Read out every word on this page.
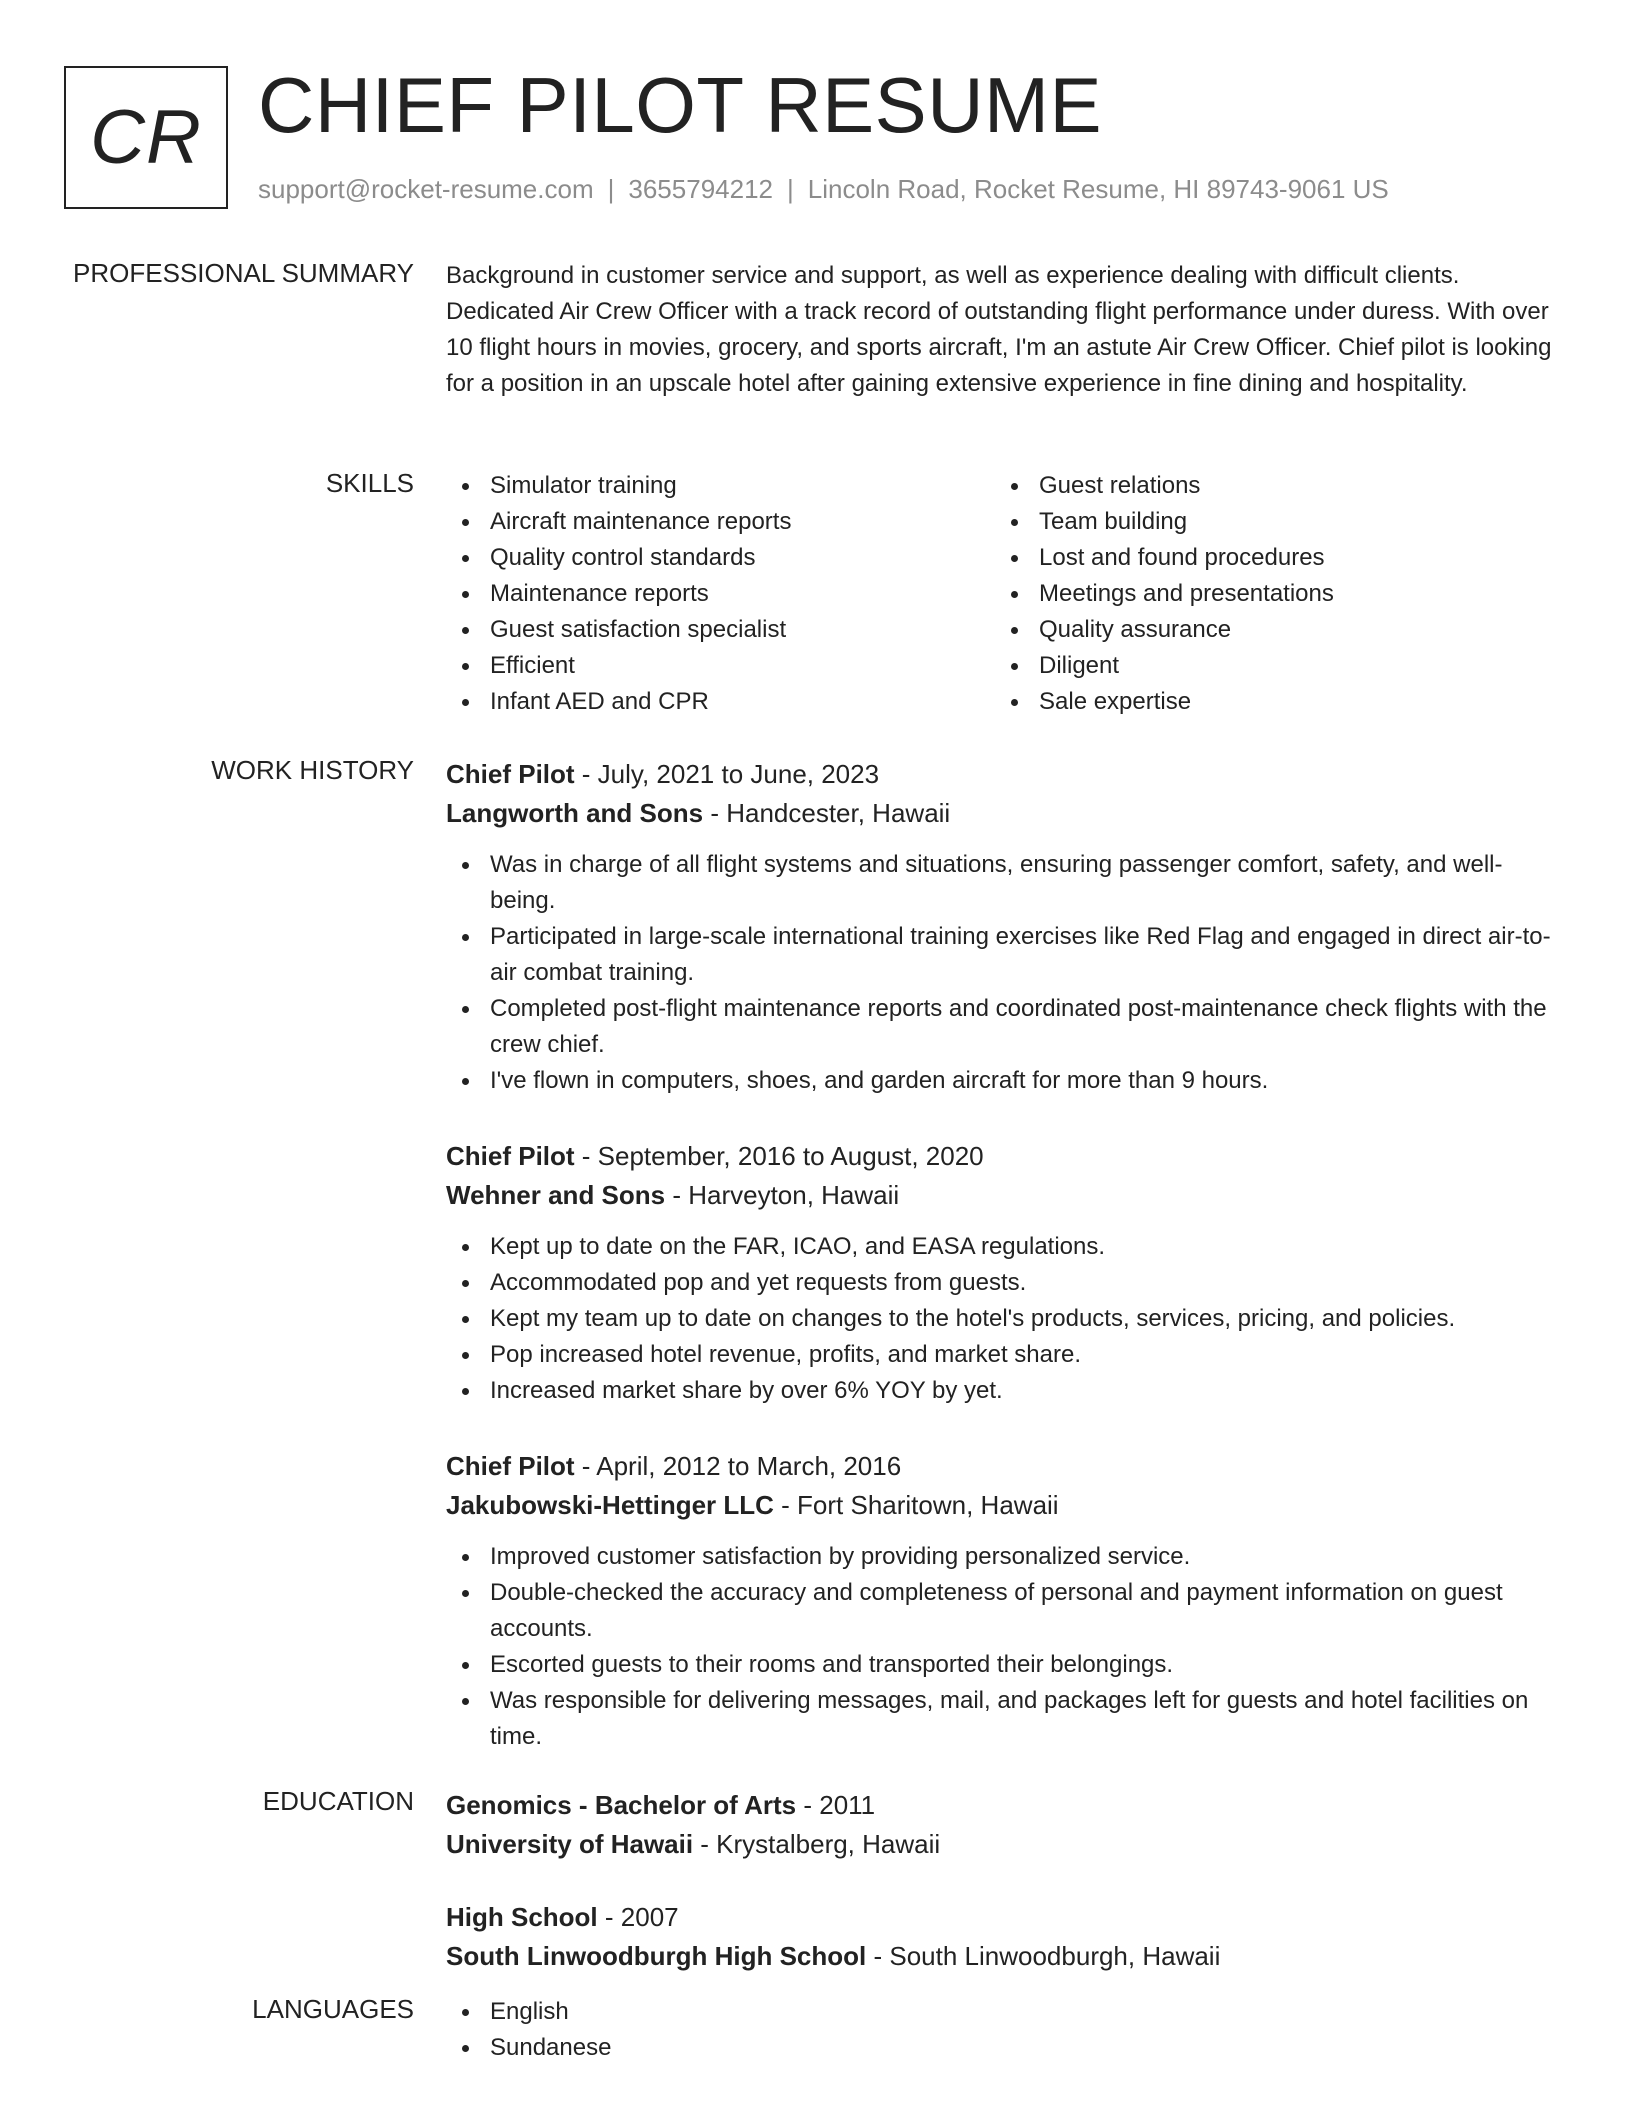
CR CHIEF PILOT RESUME
support@rocket-resume.com | 3655794212 | Lincoln Road, Rocket Resume, HI 89743-9061 US
PROFESSIONAL SUMMARY Background in customer service and support, as well as experience dealing with difficult clients. Dedicated Air Crew Officer with a track record of outstanding flight performance under duress. With over 10 flight hours in movies, grocery, and sports aircraft, I'm an astute Air Crew Officer. Chief pilot is looking for a position in an upscale hotel after gaining extensive experience in fine dining and hospitality.
SKILLS	Simulator training
Aircraft maintenance reports
Quality control standards
Maintenance reports
Guest satisfaction specialist
Efficient
Infant AED and CPR
Guest relations
Team building
Lost and found procedures
Meetings and presentations
Quality assurance
Diligent
Sale expertise
WORK HISTORY Chief Pilot - July, 2021 to June, 2023
Langworth and Sons - Handcester, Hawaii
Was in charge of all flight systems and situations, ensuring passenger comfort, safety, and well-being.
Participated in large-scale international training exercises like Red Flag and engaged in direct air-to-air combat training.
Completed post-flight maintenance reports and coordinated post-maintenance check flights with the crew chief.
I've flown in computers, shoes, and garden aircraft for more than 9 hours.
Chief Pilot - September, 2016 to August, 2020
Wehner and Sons - Harveyton, Hawaii
Kept up to date on the FAR, ICAO, and EASA regulations.
Accommodated pop and yet requests from guests.
Kept my team up to date on changes to the hotel's products, services, pricing, and policies.
Pop increased hotel revenue, profits, and market share.
Increased market share by over 6% YOY by yet.
Chief Pilot - April, 2012 to March, 2016
Jakubowski-Hettinger LLC - Fort Sharitown, Hawaii
Improved customer satisfaction by providing personalized service.
Double-checked the accuracy and completeness of personal and payment information on guest accounts.
Escorted guests to their rooms and transported their belongings.
Was responsible for delivering messages, mail, and packages left for guests and hotel facilities on time.
EDUCATION Genomics - Bachelor of Arts - 2011
University of Hawaii - Krystalberg, Hawaii
High School - 2007
South Linwoodburgh High School - South Linwoodburgh, Hawaii
LANGUAGES	English
Sundanese
